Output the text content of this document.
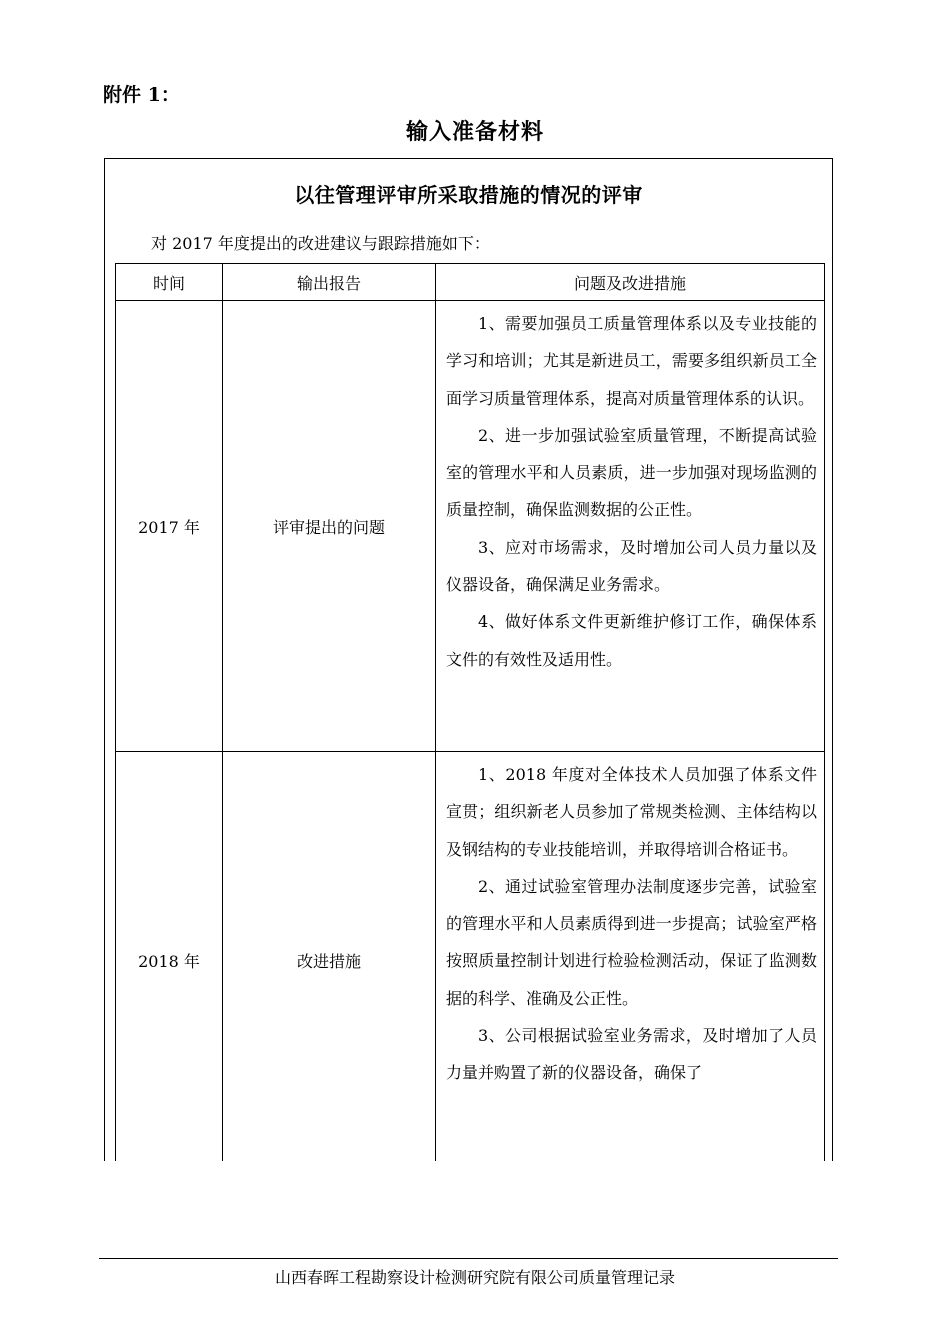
附件 1：
输入准备材料
以往管理评审所采取措施的情况的评审
对 2017 年度提出的改进建议与跟踪措施如下：
时间	输出报告	问题及改进措施
2017 年	评审提出的问题	1、需要加强员工质量管理体系以及专业技能的学习和培训；尤其是新进员工，需要多组织新员工全面学习质量管理体系，提高对质量管理体系的认识。

2、进一步加强试验室质量管理，不断提高试验室的管理水平和人员素质，进一步加强对现场监测的质量控制，确保监测数据的公正性。

3、应对市场需求，及时增加公司人员力量以及仪器设备，确保满足业务需求。

4、做好体系文件更新维护修订工作，确保体系文件的有效性及适用性。

2018 年	改进措施	1、2018 年度对全体技术人员加强了体系文件宣贯；组织新老人员参加了常规类检测、主体结构以及钢结构的专业技能培训，并取得培训合格证书。

2、通过试验室管理办法制度逐步完善，试验室的管理水平和人员素质得到进一步提高；试验室严格按照质量控制计划进行检验检测活动，保证了监测数据的科学、准确及公正性。

3、公司根据试验室业务需求，及时增加了人员力量并购置了新的仪器设备，确保了

山西春晖工程勘察设计检测研究院有限公司质量管理记录
